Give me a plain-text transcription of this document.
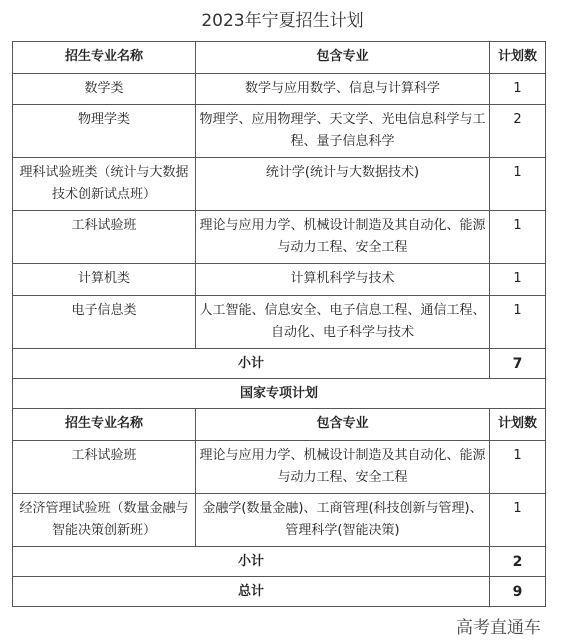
2023年宁夏招生计划
招生专业名称	包含专业	计划数
数学类	数学与应用数学、信息与计算科学	1
物理学类	物理学、应用物理学、天文学、光电信息科学与工程、量子信息科学	2
理科试验班类（统计与大数据技术创新试点班）	统计学(统计与大数据技术)	1
工科试验班	理论与应用力学、机械设计制造及其自动化、能源与动力工程、安全工程	1
计算机类	计算机科学与技术	1
电子信息类	人工智能、信息安全、电子信息工程、通信工程、自动化、电子科学与技术	1
小计		7
国家专项计划		
招生专业名称	包含专业	计划数
工科试验班	理论与应用力学、机械设计制造及其自动化、能源与动力工程、安全工程	1
经济管理试验班（数量金融与智能决策创新班）	金融学(数量金融)、工商管理(科技创新与管理)、管理科学(智能决策)	1
小计		2
总计		9
高考直通车
